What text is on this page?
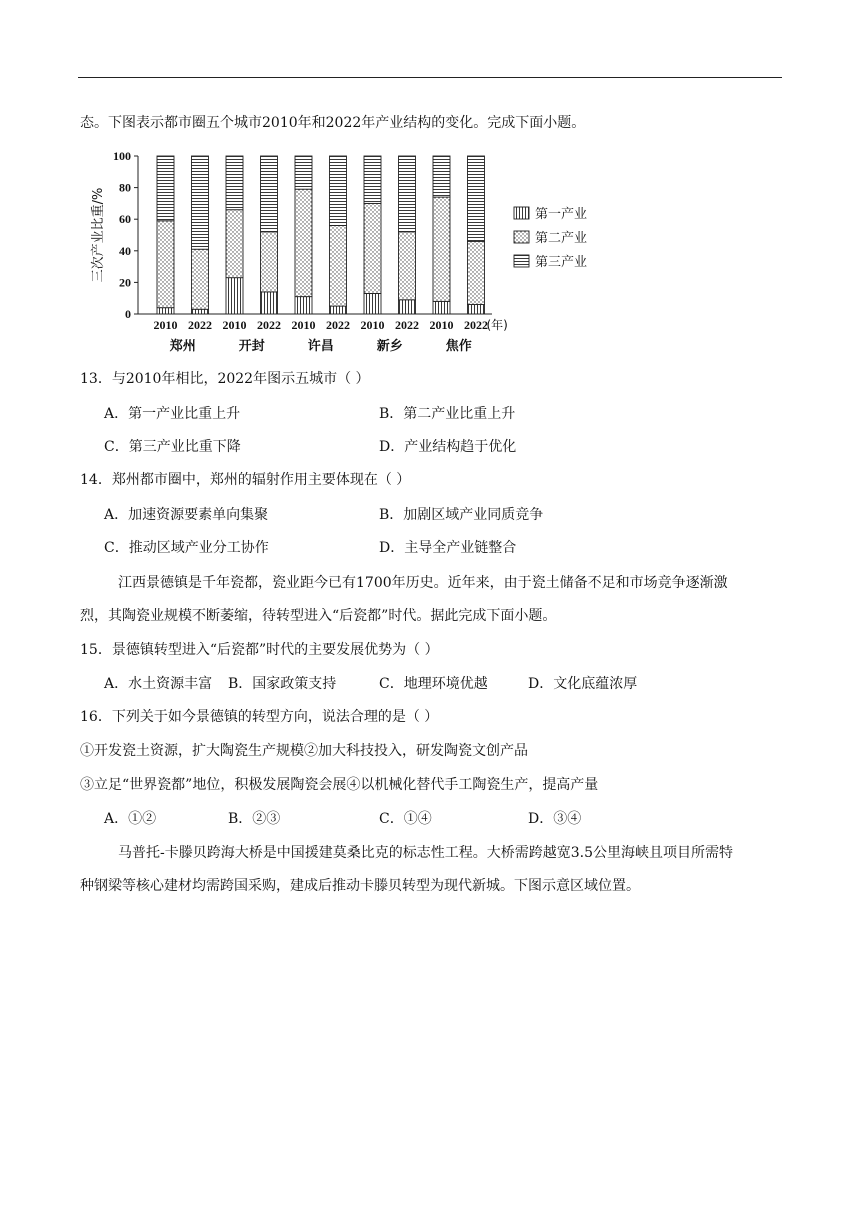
态。下图表示都市圈五个城市2010年和2022年产业结构的变化。完成下面小题。
0
20
40
60
80
100
三次产业比重/%
2010 2022 2010 2022 2010 2022 2010 2022 2010 2022
(年)
郑州	开封	许昌	新乡	焦作
第一产业
第二产业
第三产业
13．与2010年相比，2022年图示五城市（ ）
A．第一产业比重上升	B．第二产业比重上升
C．第三产业比重下降	D．产业结构趋于优化
14．郑州都市圈中，郑州的辐射作用主要体现在（ ）
A．加速资源要素单向集聚	B．加剧区域产业同质竞争
C．推动区域产业分工协作	D．主导全产业链整合
江西景德镇是千年瓷都，瓷业距今已有1700年历史。近年来，由于瓷土储备不足和市场竞争逐渐激
烈，其陶瓷业规模不断萎缩，待转型进入“后瓷都”时代。据此完成下面小题。
15．景德镇转型进入“后瓷都”时代的主要发展优势为（ ）
A．水土资源丰富 B．国家政策支持	C．地理环境优越	D．文化底蕴浓厚
16．下列关于如今景德镇的转型方向，说法合理的是（ ）
①开发瓷土资源，扩大陶瓷生产规模②加大科技投入，研发陶瓷文创产品
③立足“世界瓷都”地位，积极发展陶瓷会展④以机械化替代手工陶瓷生产，提高产量
A．①②	B．②③	C．①④	D．③④
马普托-卡滕贝跨海大桥是中国援建莫桑比克的标志性工程。大桥需跨越宽3.5公里海峡且项目所需特
种钢梁等核心建材均需跨国采购，建成后推动卡滕贝转型为现代新城。下图示意区域位置。
